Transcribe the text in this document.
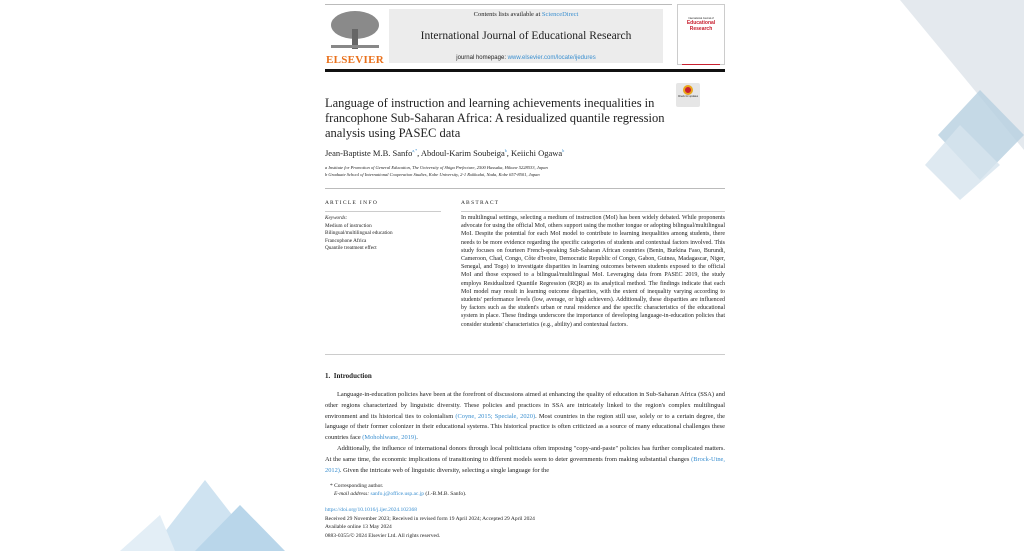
ELSEVIER
Contents lists available at ScienceDirect
International Journal of Educational Research
journal homepage: www.elsevier.com/locate/ijedures
International Journal of
Educational Research
Check for updates
Language of instruction and learning achievements inequalities in francophone Sub-Saharan Africa: A residualized quantile regression analysis using PASEC data
Jean-Baptiste M.B. Sanfo$^{a,*}$, Abdoul-Karim Soubeiga$^b$, Keiichi Ogawa$^b$
a Institute for Promotion of General Education, The University of Shiga Prefecture, 2500 Hassaka, Hikone 5228533, Japan
b Graduate School of International Cooperation Studies, Kobe University, 2-1 Rokkodai, Nada, Kobe 657-8501, Japan
A R T I C L E   I N F O
Keywords:
Medium of instruction
Bilingual/multilingual education
Francophone Africa
Quantile treatment effect
A B S T R A C T
In multilingual settings, selecting a medium of instruction (MoI) has been widely debated. While proponents advocate for using the official MoI, others support using the mother tongue or adopting bilingual/multilingual MoI. Despite the potential for each MoI model to contribute to learning inequalities among students, there needs to be more evidence regarding the specific categories of students and contextual factors involved. This study focuses on fourteen French-speaking Sub-Saharan African countries (Benin, Burkina Faso, Burundi, Cameroon, Chad, Congo, Côte d'Ivoire, Democratic Republic of Congo, Gabon, Guinea, Madagascar, Niger, Senegal, and Togo) to investigate disparities in learning outcomes between students exposed to the official MoI and those exposed to a bilingual/multilingual MoI. Leveraging data from PASEC 2019, the study employs Residualized Quantile Regression (RQR) as its analytical method. The findings indicate that each MoI model may result in learning outcome disparities, with the extent of inequality varying according to students' performance levels (low, average, or high achievers). Additionally, these disparities are influenced by factors such as the student's urban or rural residence and the specific characteristics of the educational system in place. These findings underscore the importance of developing language-in-education policies that consider students' characteristics (e.g., ability) and contextual factors.
1.  Introduction

Language-in-education policies have been at the forefront of discussions aimed at enhancing the quality of education in Sub-Saharan Africa (SSA) and other regions characterized by linguistic diversity. These policies and practices in SSA are intricately linked to the region's complex multilingual environment and its historical ties to colonialism (Coyne, 2015; Speciale, 2020). Most countries in the region still use, solely or to a certain degree, the language of their former colonizer in their educational systems. This historical practice is often criticized as a source of many educational challenges these countries face (Mohohlwane, 2019).

Additionally, the influence of international donors through local politicians often imposing "copy-and-paste" policies has further complicated matters. At the same time, the economic implications of transitioning to different models seem to deter governments from making substantial changes (Brock-Utne, 2012). Given the intricate web of linguistic diversity, selecting a single language for the

* Corresponding author.
E-mail address: sanfo.j@office.usp.ac.jp (J.-B.M.B. Sanfo).
https://doi.org/10.1016/j.ijer.2024.102368
Received 29 November 2023; Received in revised form 19 April 2024; Accepted 29 April 2024
Available online 13 May 2024
0883-0355/© 2024 Elsevier Ltd. All rights reserved.
